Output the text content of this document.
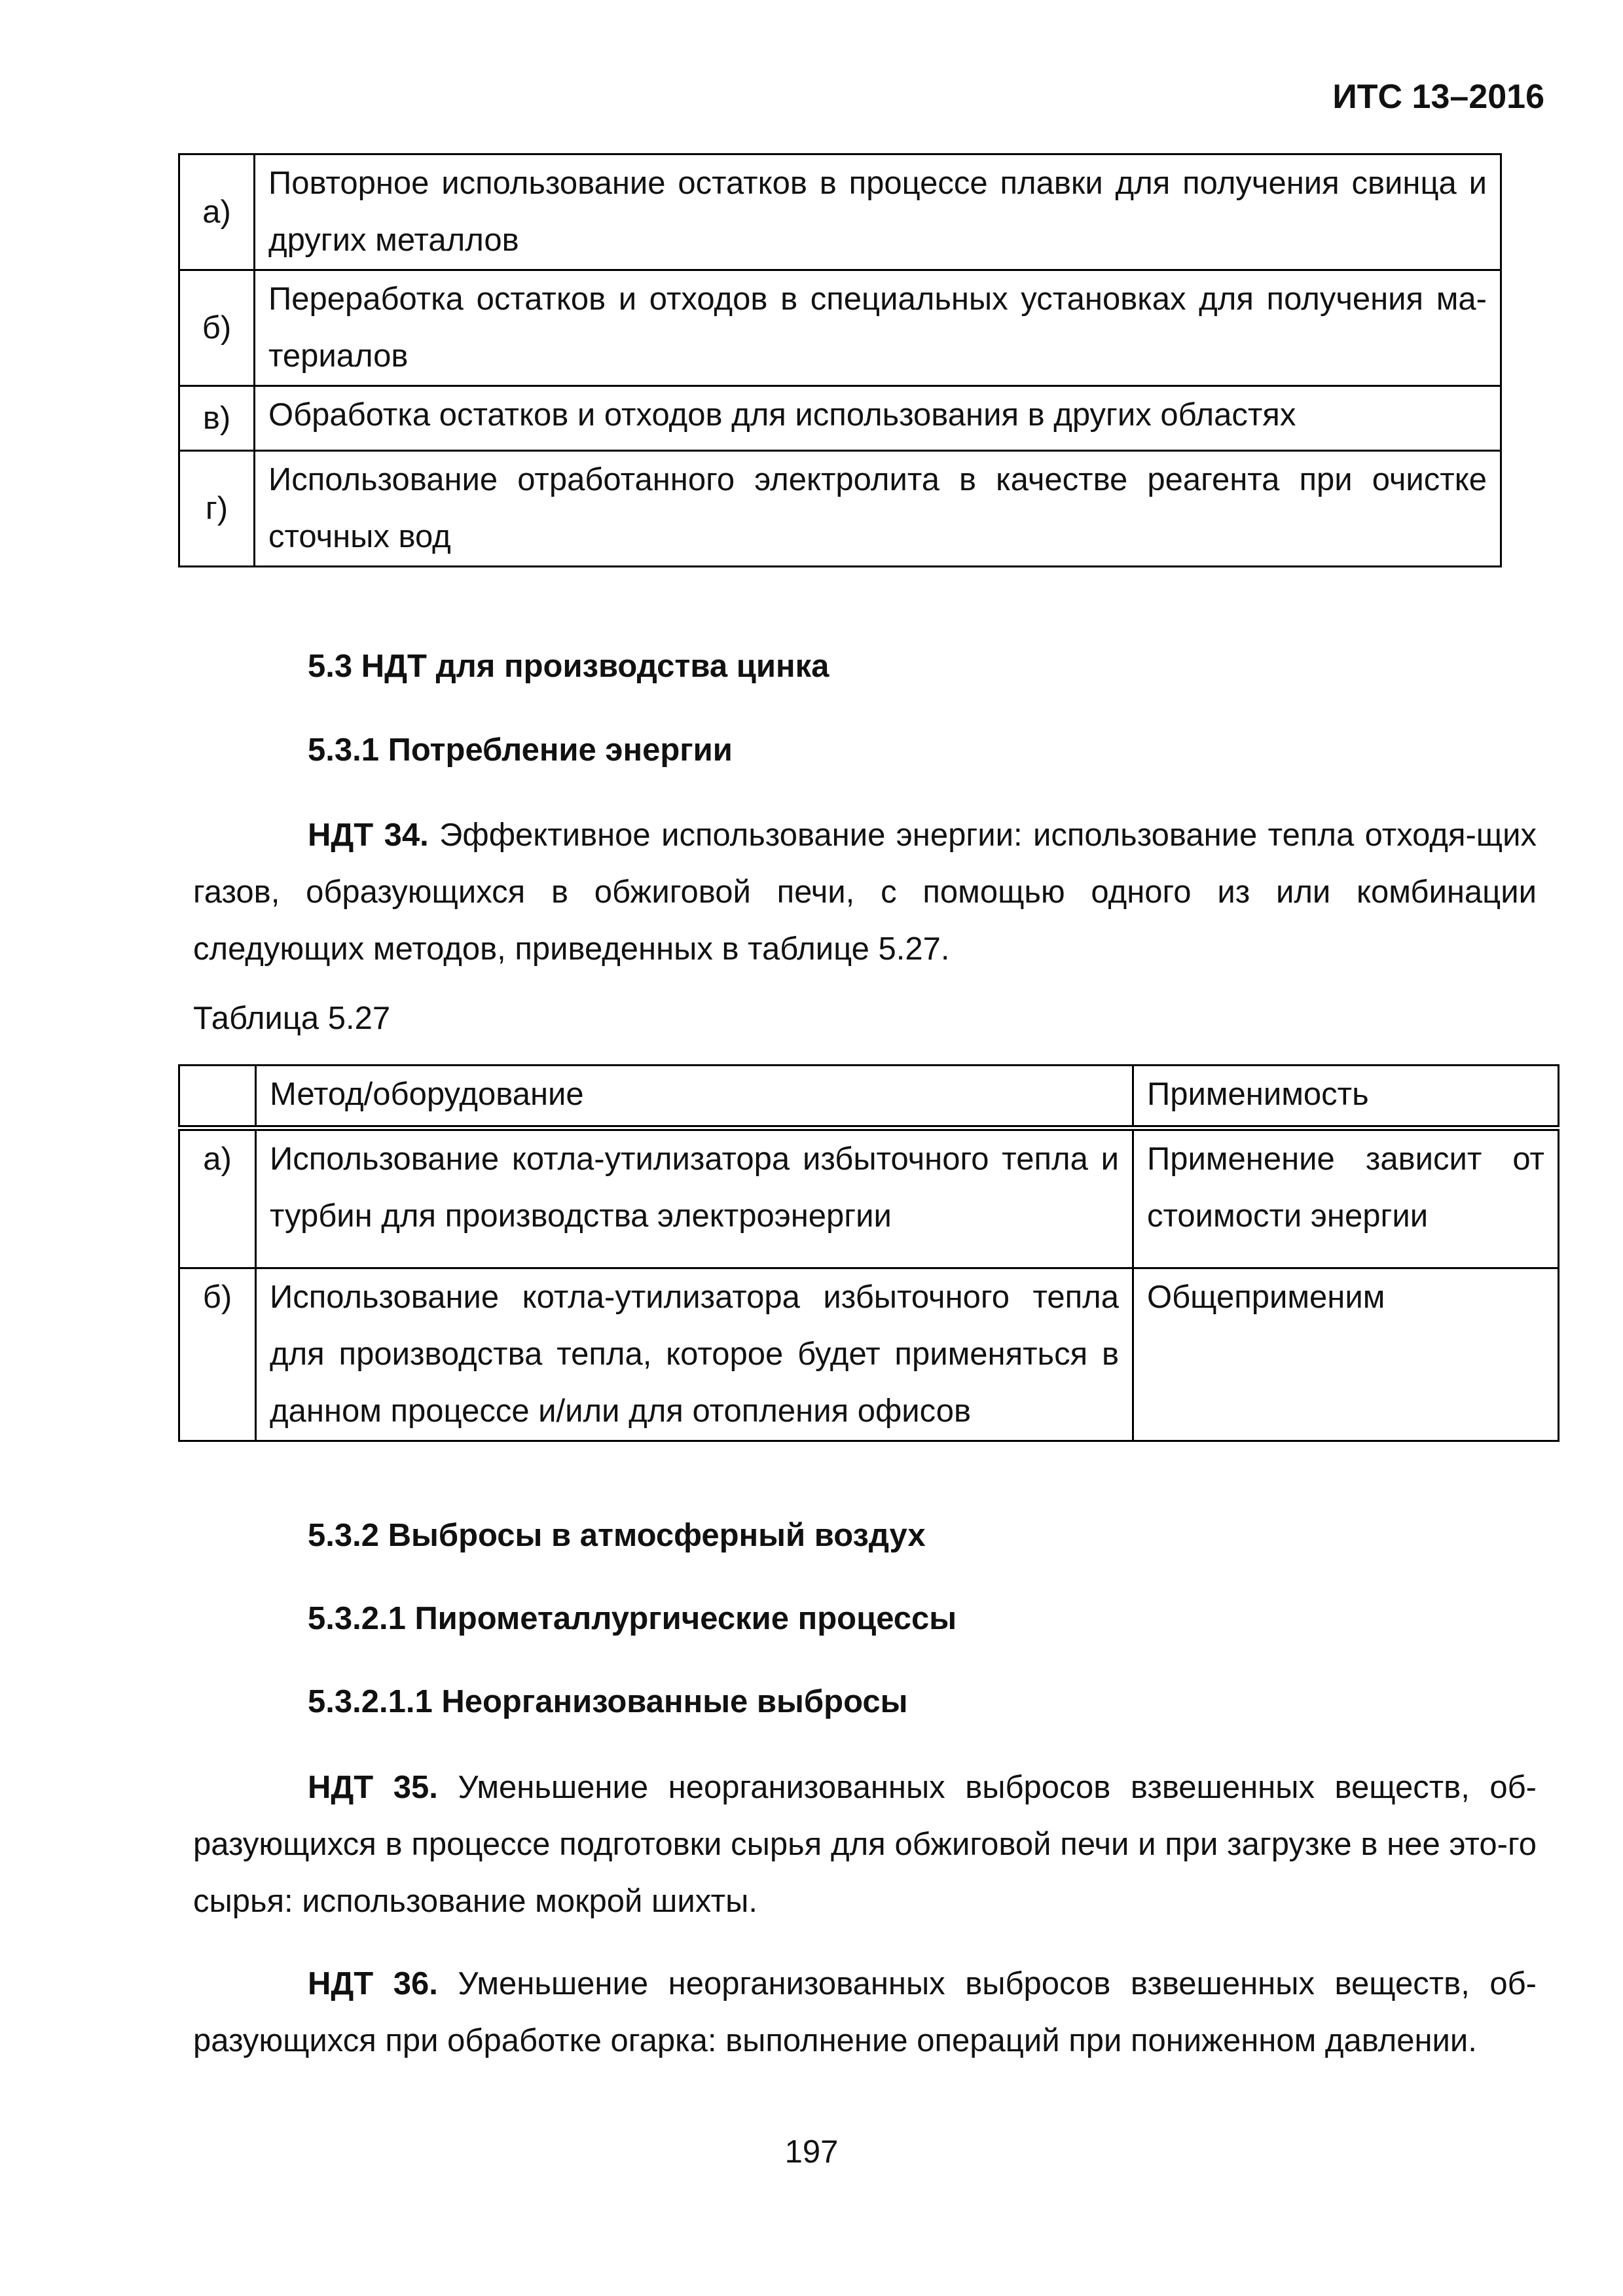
ИТС 13–2016

а)	Повторное использование остатков в процессе плавки для получения свинца и других металлов
б)	Переработка остатков и отходов в специальных установках для получения ма-териалов
в)	Обработка остатков и отходов для использования в других областях
г)	Использование отработанного электролита в качестве реагента при очистке сточных вод

5.3 НДТ для производства цинка

5.3.1 Потребление энергии

НДТ 34. Эффективное использование энергии: использование тепла отходя-щих газов, образующихся в обжиговой печи, с помощью одного из или комбинации следующих методов, приведенных в таблице 5.27.

Таблица 5.27

	Метод/оборудование	Применимость
а)	Использование котла-утилизатора избыточного тепла и турбин для производства электроэнергии	Применение зависит от стоимости энергии
б)	Использование котла-утилизатора избыточного тепла для производства тепла, которое будет применяться в данном процессе и/или для отопления офисов	Общеприменим

5.3.2 Выбросы в атмосферный воздух

5.3.2.1 Пирометаллургические процессы

5.3.2.1.1 Неорганизованные выбросы

НДТ 35. Уменьшение неорганизованных выбросов взвешенных веществ, об-разующихся в процессе подготовки сырья для обжиговой печи и при загрузке в нее это-го сырья: использование мокрой шихты.

НДТ 36. Уменьшение неорганизованных выбросов взвешенных веществ, об-разующихся при обработке огарка: выполнение операций при пониженном давлении.

197
